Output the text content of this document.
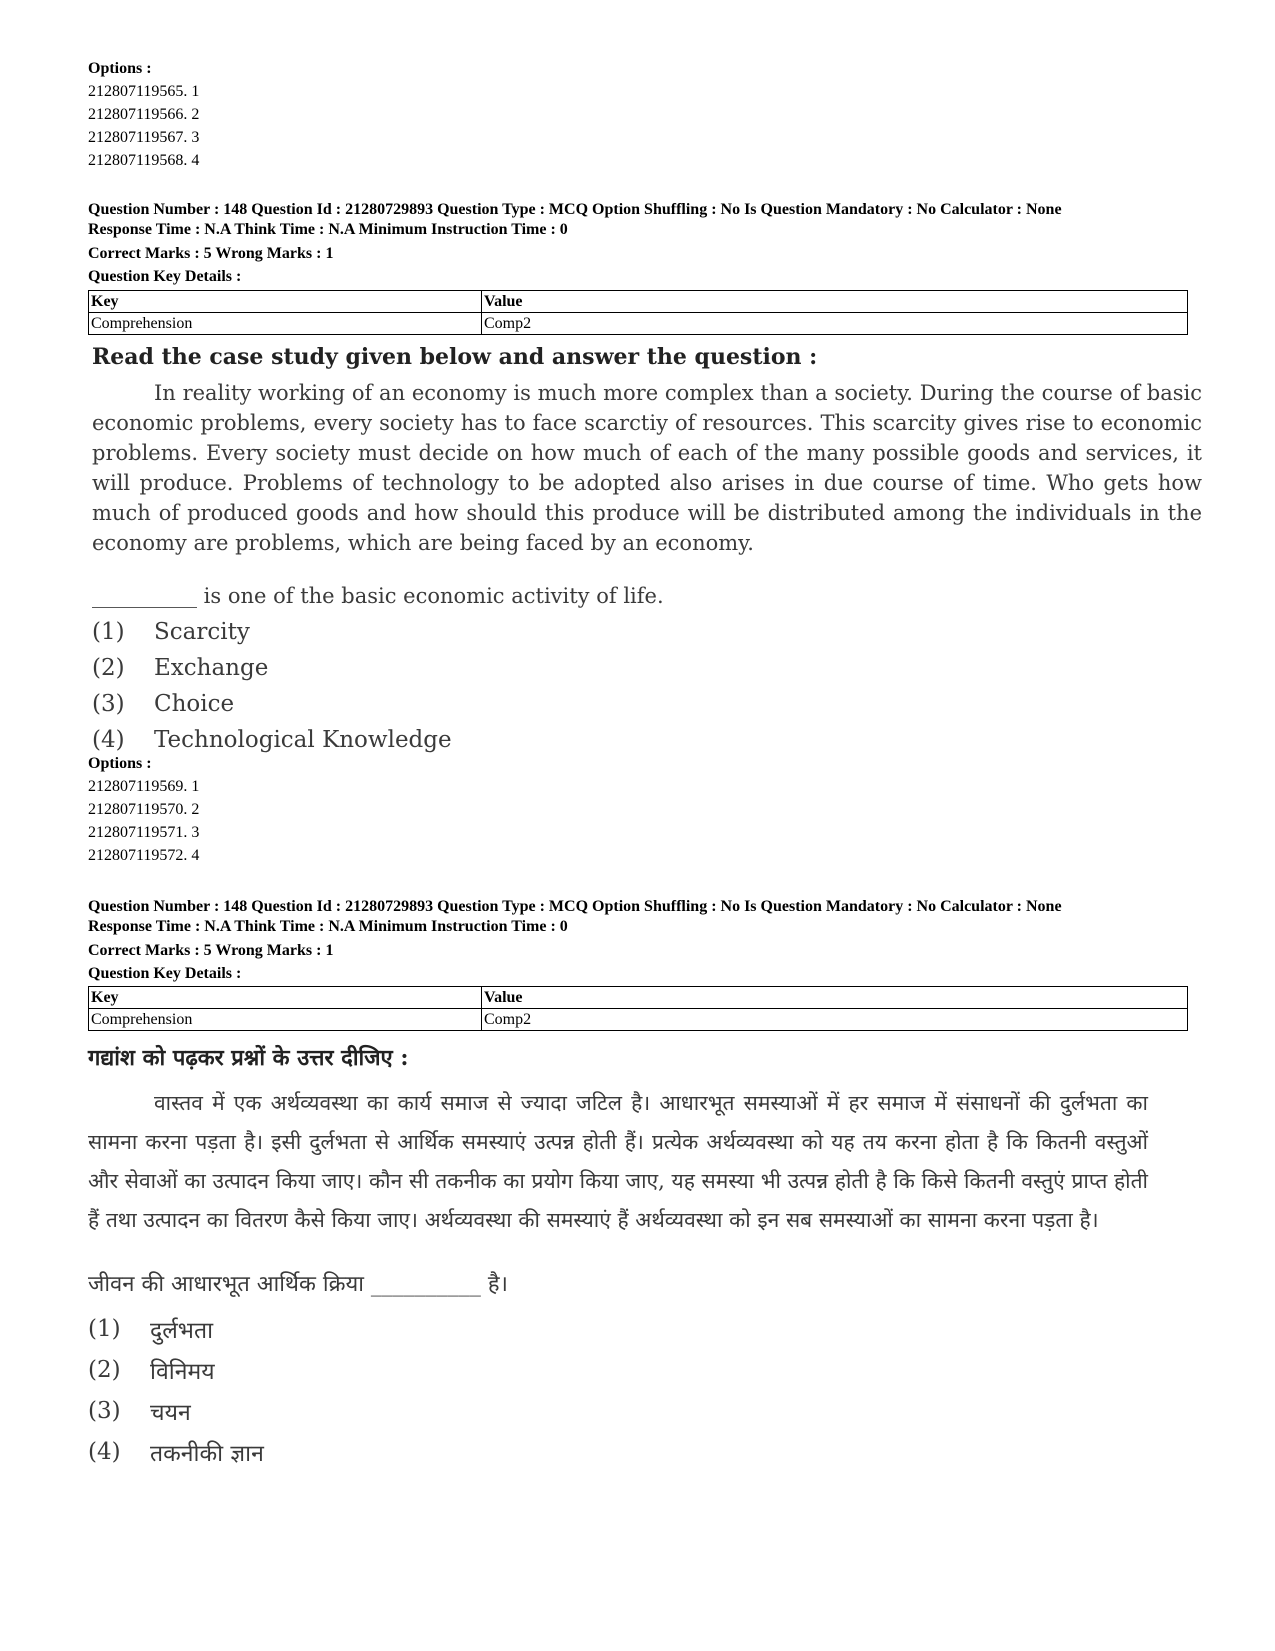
Options :
212807119565. 1
212807119566. 2
212807119567. 3
212807119568. 4
Question Number : 148 Question Id : 21280729893 Question Type : MCQ Option Shuffling : No Is Question Mandatory : No Calculator : None
Response Time : N.A Think Time : N.A Minimum Instruction Time : 0
Correct Marks : 5 Wrong Marks : 1
Question Key Details :
Key	Value
Comprehension	Comp2
Read the case study given below and answer the question :
In reality working of an economy is much more complex than a society. During the course of basic economic problems, every society has to face scarctiy of resources. This scarcity gives rise to economic problems. Every society must decide on how much of each of the many possible goods and services, it will produce. Problems of technology to be adopted also arises in due course of time. Who gets how much of produced goods and how should this produce will be distributed among the individuals in the economy are problems, which are being faced by an economy.
__________ is one of the basic economic activity of life.
(1)	Scarcity
(2)	Exchange
(3)	Choice
(4)	Technological Knowledge
Options :
212807119569. 1
212807119570. 2
212807119571. 3
212807119572. 4
Question Number : 148 Question Id : 21280729893 Question Type : MCQ Option Shuffling : No Is Question Mandatory : No Calculator : None
Response Time : N.A Think Time : N.A Minimum Instruction Time : 0
Correct Marks : 5 Wrong Marks : 1
Question Key Details :
Key	Value
Comprehension	Comp2
गद्यांश को पढ़कर प्रश्नों के उत्तर दीजिए :
वास्तव में एक अर्थव्यवस्था का कार्य समाज से ज्यादा जटिल है। आधारभूत समस्याओं में हर समाज में संसाधनों की दुर्लभता का सामना करना पड़ता है। इसी दुर्लभता से आर्थिक समस्याएं उत्पन्न होती हैं। प्रत्येक अर्थव्यवस्था को यह तय करना होता है कि कितनी वस्तुओं और सेवाओं का उत्पादन किया जाए। कौन सी तकनीक का प्रयोग किया जाए, यह समस्या भी उत्पन्न होती है कि किसे कितनी वस्तुएं प्राप्त होती हैं तथा उत्पादन का वितरण कैसे किया जाए। अर्थव्यवस्था की समस्याएं हैं अर्थव्यवस्था को इन सब समस्याओं का सामना करना पड़ता है।
जीवन की आधारभूत आर्थिक क्रिया __________ है।
(1)	दुर्लभता
(2)	विनिमय
(3)	चयन
(4)	तकनीकी ज्ञान
